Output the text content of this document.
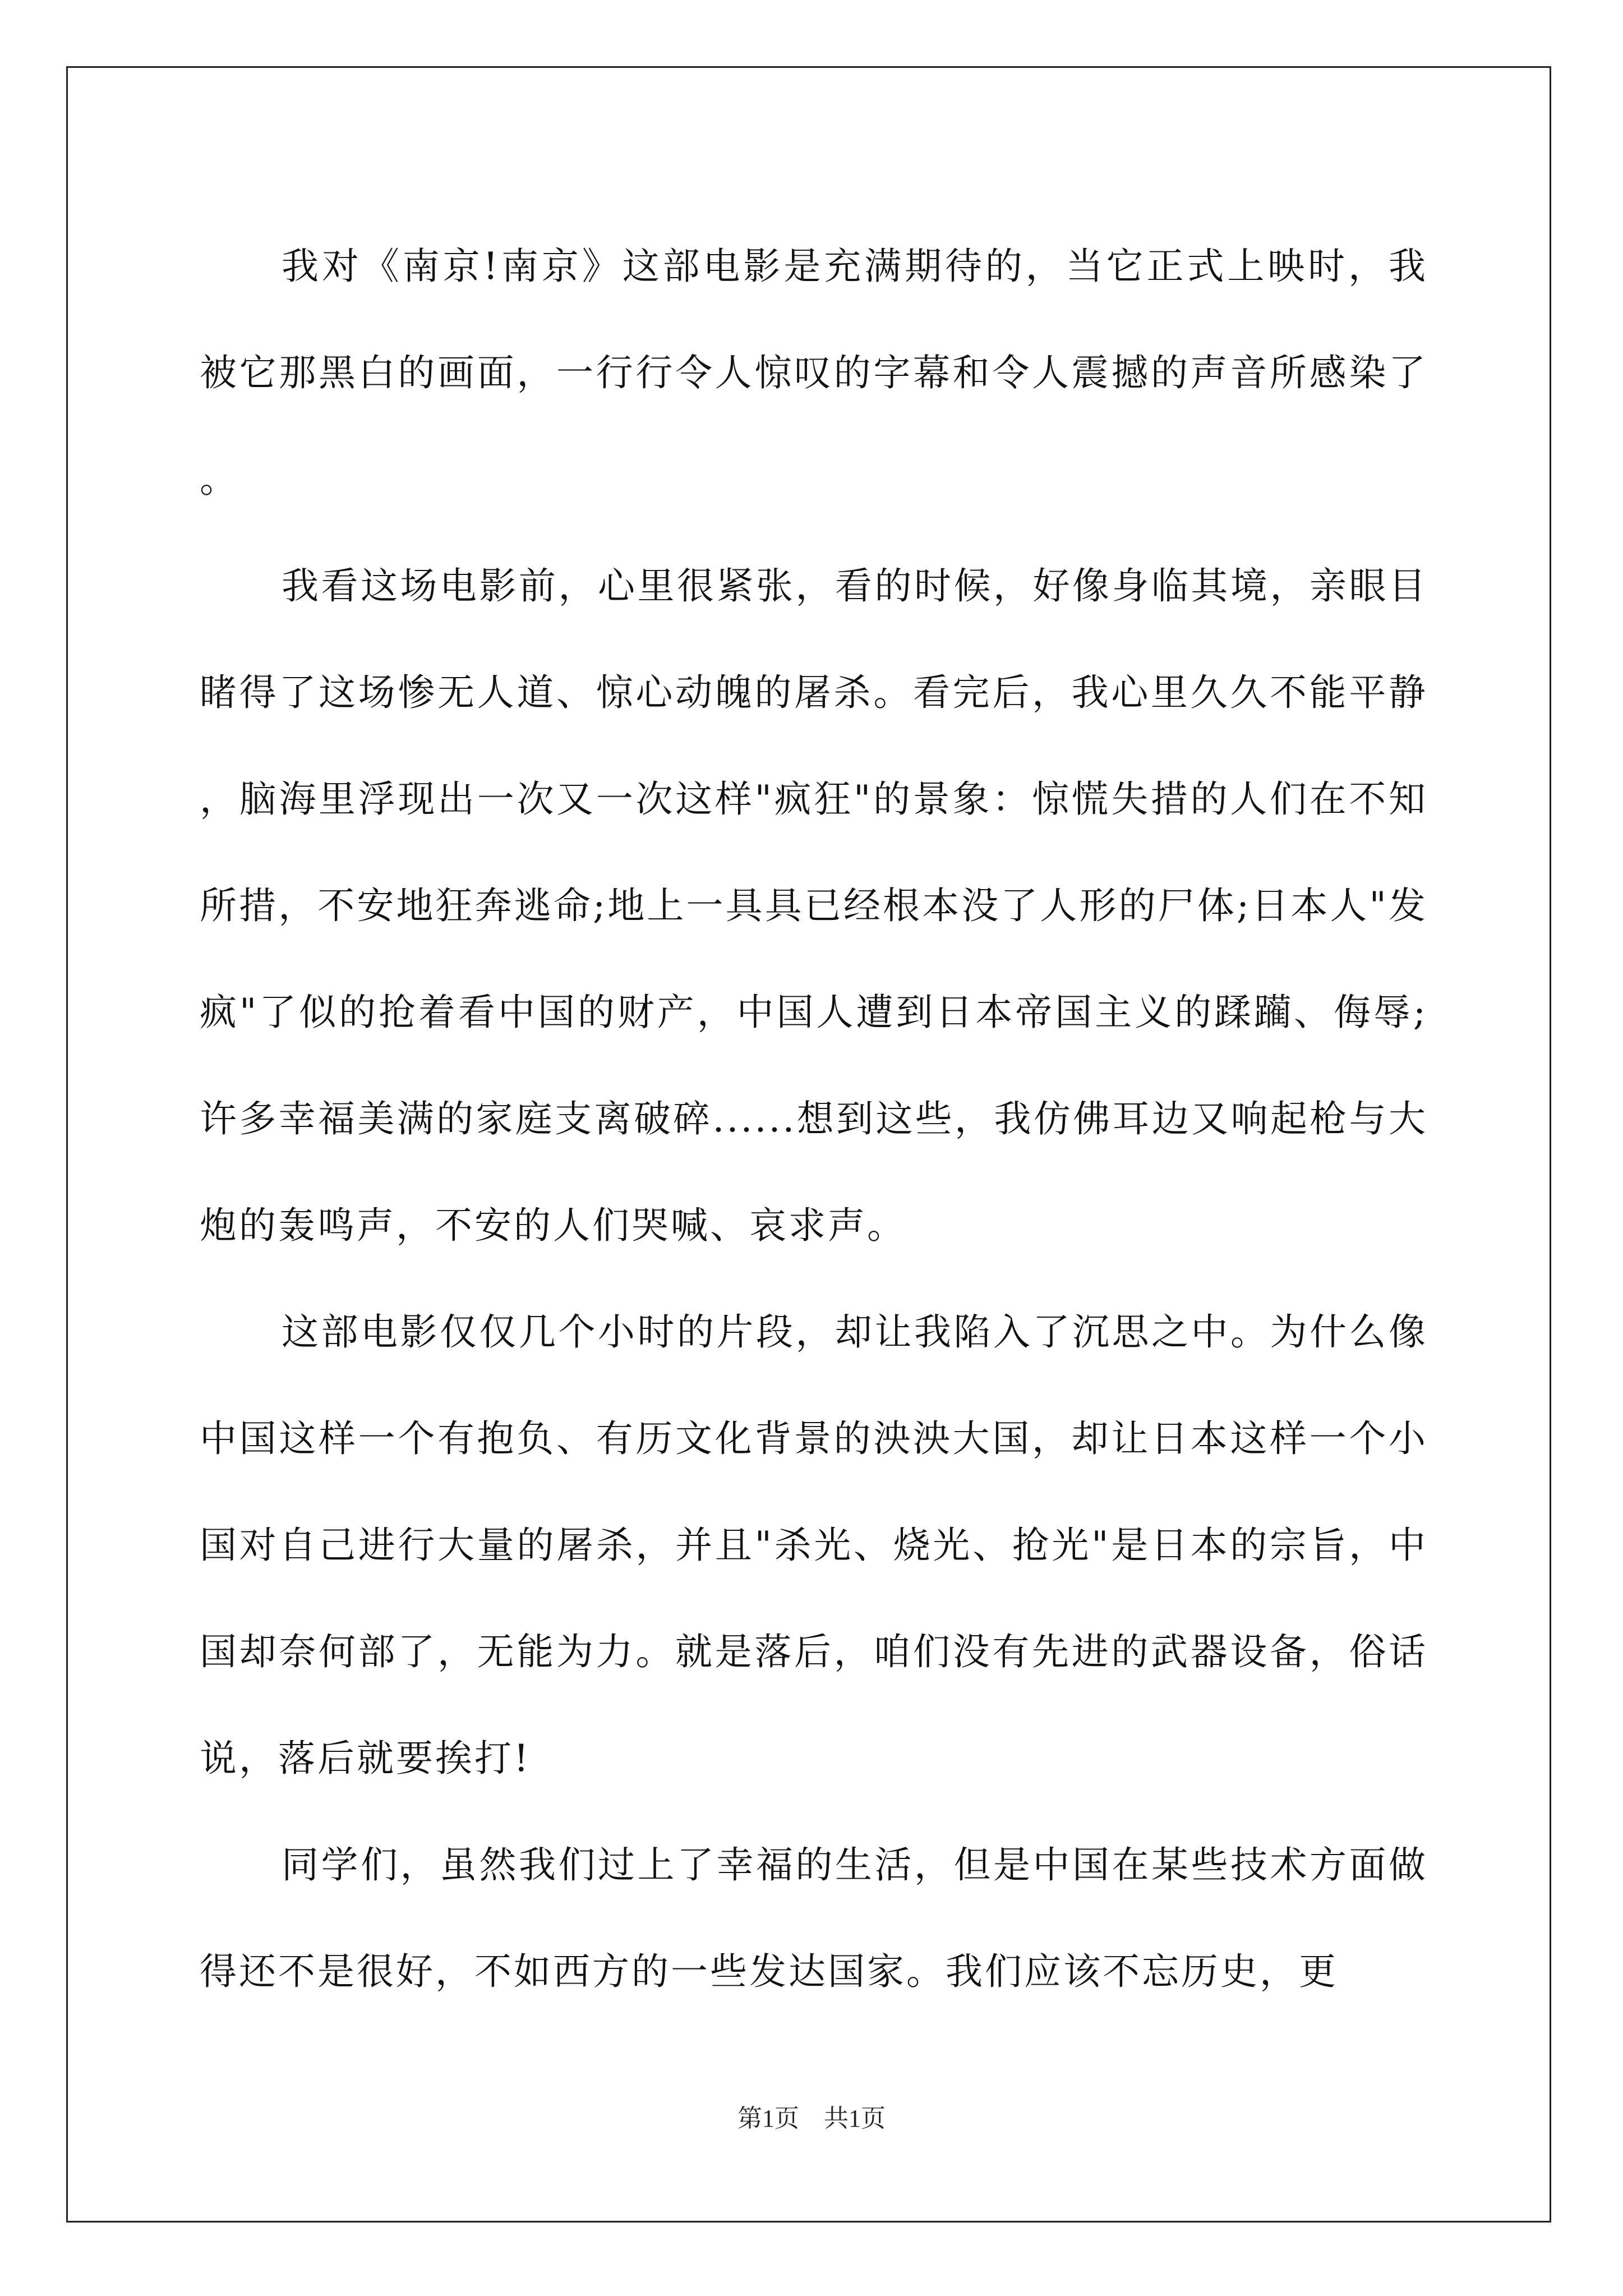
我对《南京!南京》这部电影是充满期待的，当它正式上映时，我被它那黑白的画面，一行行令人惊叹的字幕和令人震撼的声音所感染了。

我看这场电影前，心里很紧张，看的时候，好像身临其境，亲眼目睹得了这场惨无人道、惊心动魄的屠杀。看完后，我心里久久不能平静，脑海里浮现出一次又一次这样"疯狂"的景象：惊慌失措的人们在不知所措，不安地狂奔逃命;地上一具具已经根本没了人形的尸体;日本人"发疯"了似的抢着看中国的财产，中国人遭到日本帝国主义的蹂躏、侮辱;许多幸福美满的家庭支离破碎......想到这些，我仿佛耳边又响起枪与大炮的轰鸣声，不安的人们哭喊、哀求声。

这部电影仅仅几个小时的片段，却让我陷入了沉思之中。为什么像中国这样一个有抱负、有历文化背景的泱泱大国，却让日本这样一个小国对自己进行大量的屠杀，并且"杀光、烧光、抢光"是日本的宗旨，中国却奈何部了，无能为力。就是落后，咱们没有先进的武器设备，俗话说，落后就要挨打!

同学们，虽然我们过上了幸福的生活，但是中国在某些技术方面做得还不是很好，不如西方的一些发达国家。我们应该不忘历史，更

第1页　共1页
